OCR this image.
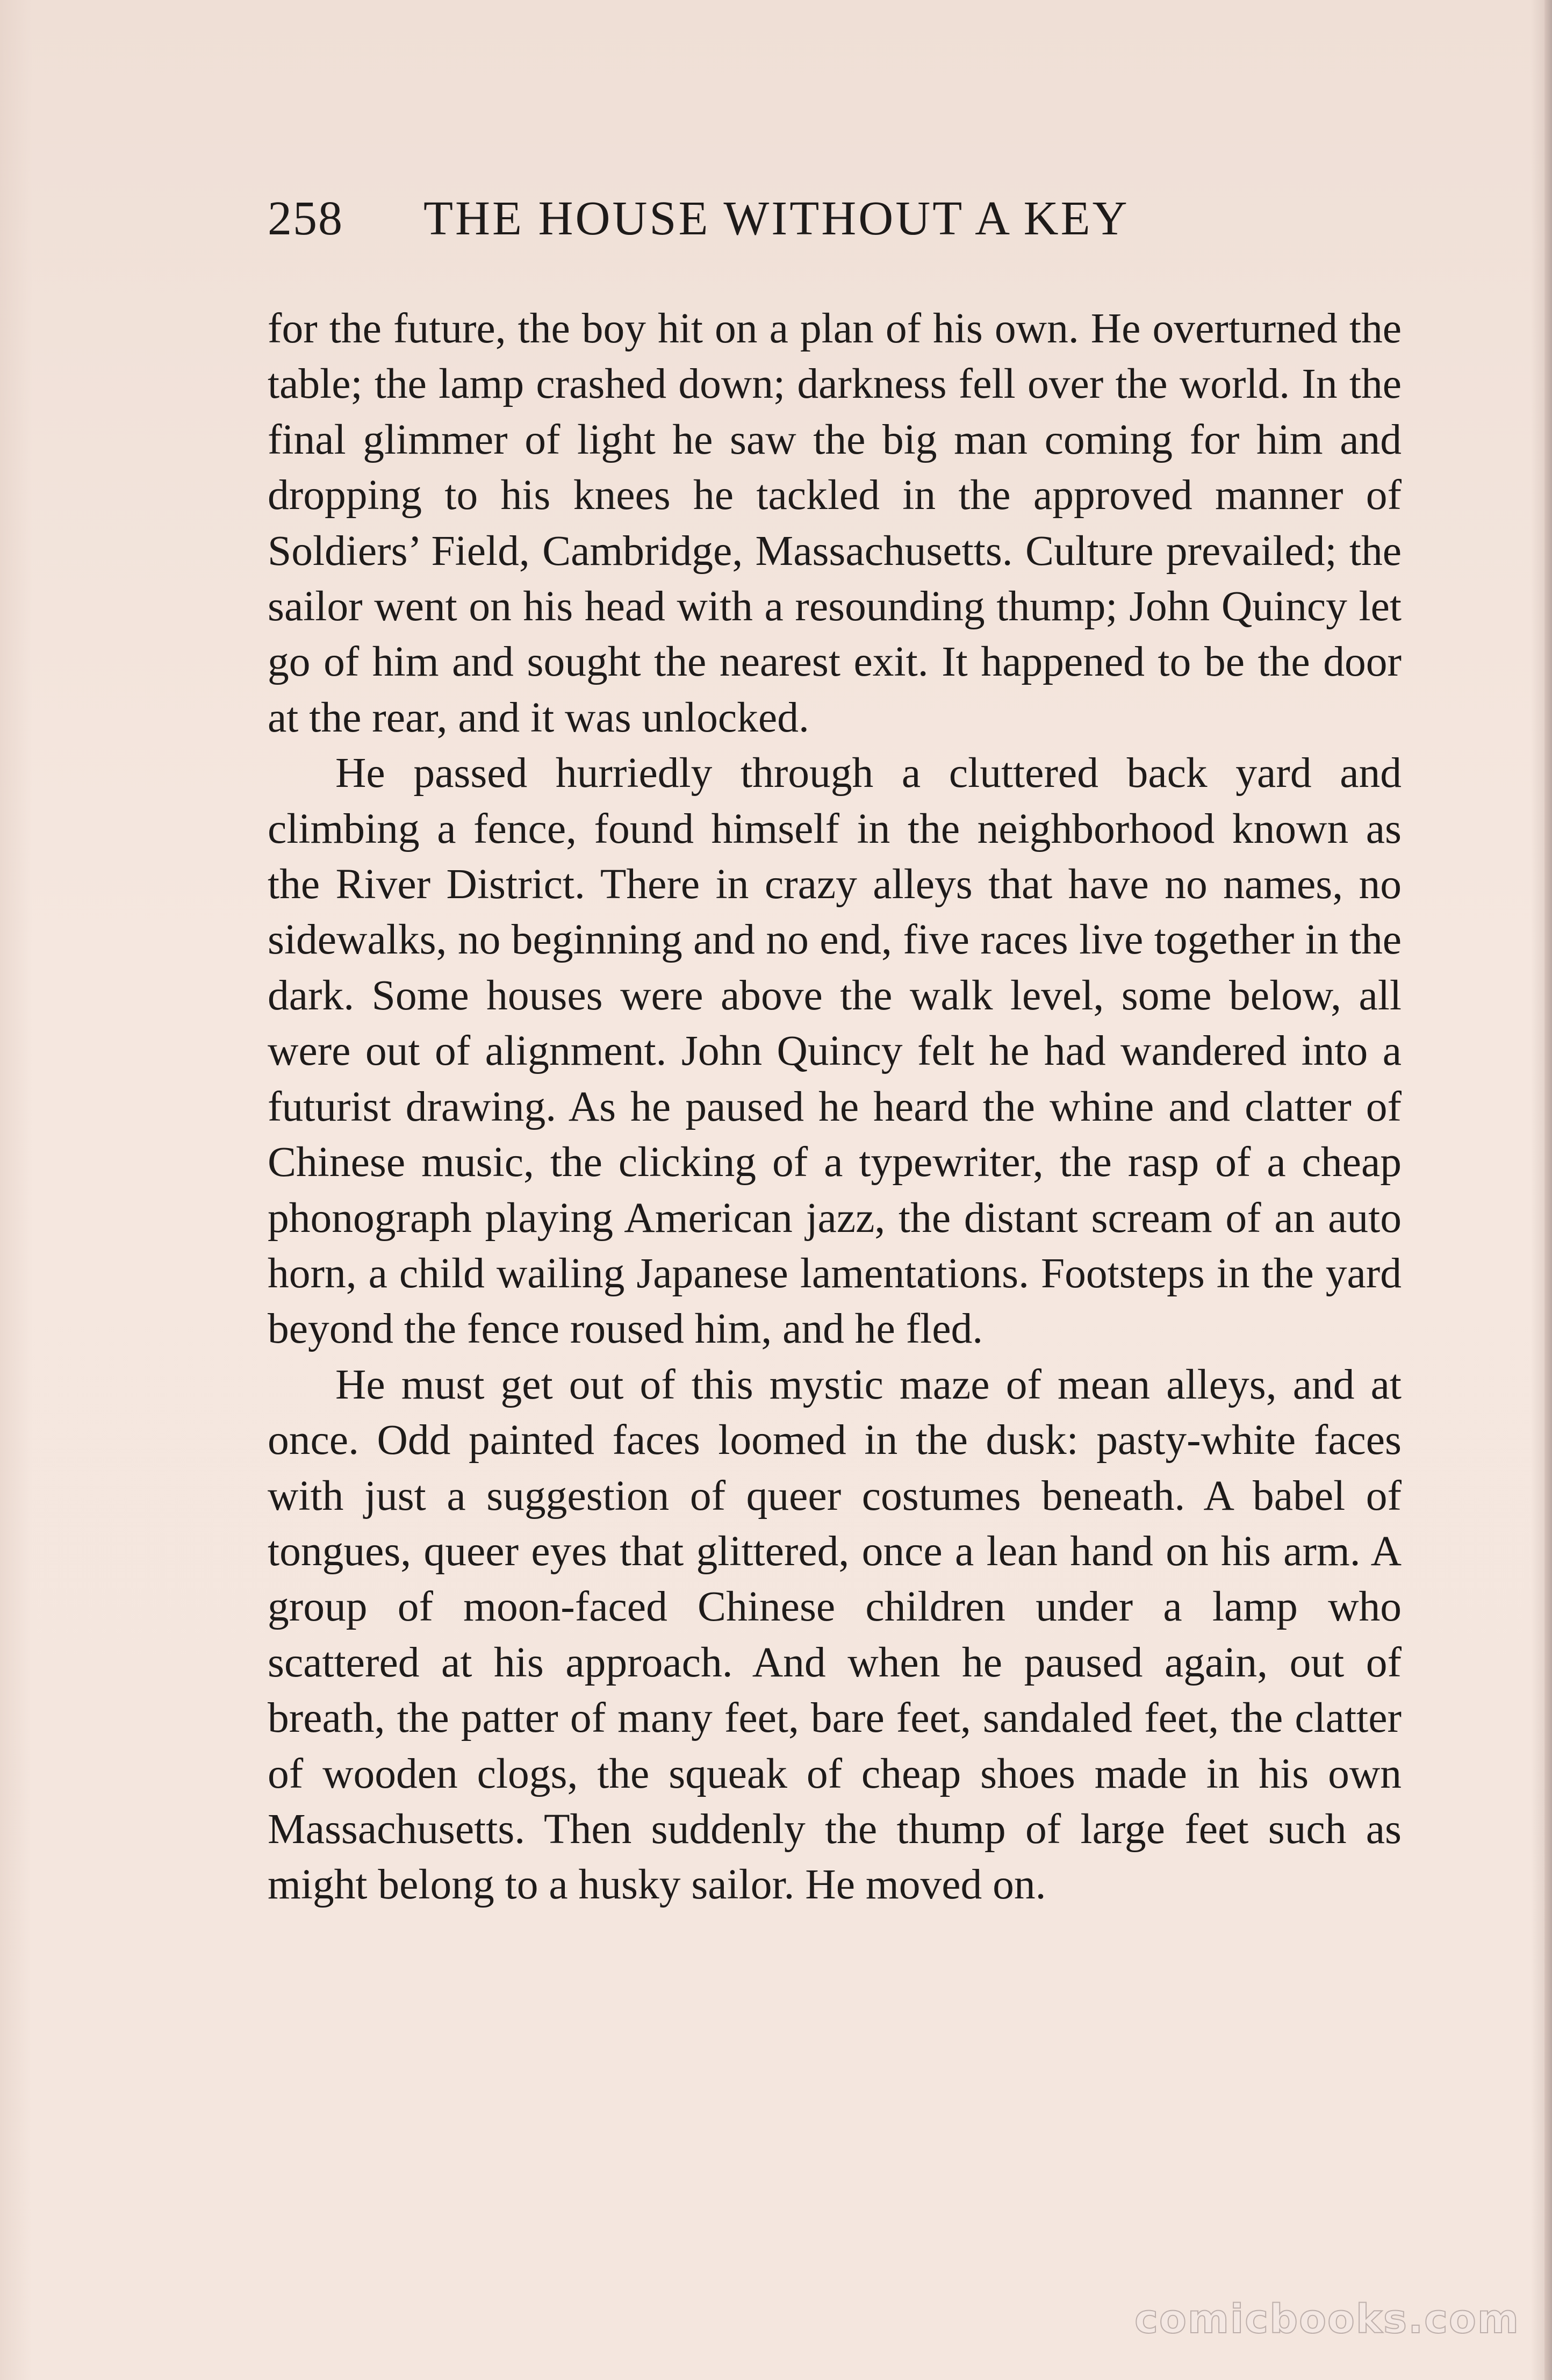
258 THE HOUSE WITHOUT A KEY

for the future, the boy hit on a plan of his own. He overturned the table; the lamp crashed down; darkness fell over the world. In the final glimmer of light he saw the big man coming for him and dropping to his knees he tackled in the approved manner of Soldiers’ Field, Cambridge, Massachusetts. Culture prevailed; the sailor went on his head with a resounding thump; John Quincy let go of him and sought the nearest exit. It happened to be the door at the rear, and it was unlocked.

He passed hurriedly through a cluttered back yard and climbing a fence, found himself in the neighborhood known as the River District. There in crazy alleys that have no names, no sidewalks, no beginning and no end, five races live together in the dark. Some houses were above the walk level, some below, all were out of alignment. John Quincy felt he had wandered into a futurist drawing. As he paused he heard the whine and clatter of Chinese music, the clicking of a typewriter, the rasp of a cheap phonograph playing American jazz, the distant scream of an auto horn, a child wailing Japanese lamentations. Footsteps in the yard beyond the fence roused him, and he fled.

He must get out of this mystic maze of mean alleys, and at once. Odd painted faces loomed in the dusk: pasty-white faces with just a suggestion of queer costumes beneath. A babel of tongues, queer eyes that glittered, once a lean hand on his arm. A group of moon-faced Chinese children under a lamp who scattered at his approach. And when he paused again, out of breath, the patter of many feet, bare feet, sandaled feet, the clatter of wooden clogs, the squeak of cheap shoes made in his own Massachusetts. Then suddenly the thump of large feet such as might belong to a husky sailor. He moved on.

comicbooks.com
